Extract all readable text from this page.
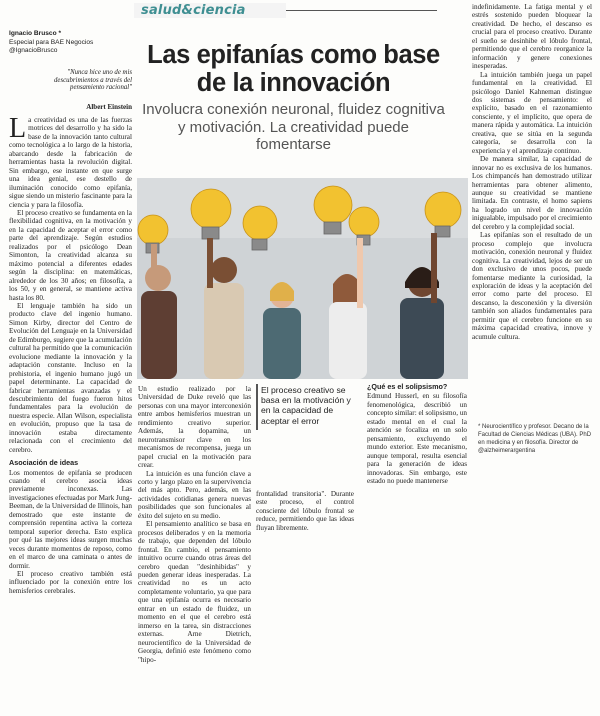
salud&ciencia
Ignacio Brusco *
Especial para BAE Negocios
@IgnacioBrusco
"Nunca hice uno de mis descubrimientos a través del pensamiento racional"
Albert Einstein
Las epifanías como base de la innovación
Involucra conexión neuronal, fluidez cognitiva y motivación. La creatividad puede fomentarse

La creatividad es una de las fuerzas motrices del desarrollo y ha sido la base de la innovación tanto cultural como tecnológica a lo largo de la historia, abarcando desde la fabricación de herramientas hasta la revolución digital. Sin embargo, ese instante en que surge una idea genial, ese destello de iluminación conocido como epifanía, sigue siendo un misterio fascinante para la ciencia y para la filosofía.

El proceso creativo se fundamenta en la flexibilidad cognitiva, en la motivación y en la capacidad de aceptar el error como parte del aprendizaje. Según estudios realizados por el psicólogo Dean Simonton, la creatividad alcanza su máximo potencial a diferentes edades según la disciplina: en matemáticas, alrededor de los 30 años; en filosofía, a los 50, y en general, se mantiene activa hasta los 80.

El lenguaje también ha sido un producto clave del ingenio humano. Simon Kirby, director del Centro de Evolución del Lenguaje en la Universidad de Edimburgo, sugiere que la acumulación cultural ha permitido que la comunicación evolucione mediante la innovación y la adaptación constante. Incluso en la prehistoria, el ingenio humano jugó un papel determinante. La capacidad de fabricar herramientas avanzadas y el descubrimiento del fuego fueron hitos fundamentales para la evolución de nuestra especie. Allan Wilson, especialista en evolución, propuso que la tasa de innovación estaba directamente relacionada con el crecimiento del cerebro.

Asociación de ideas

Los momentos de epifanía se producen cuando el cerebro asocia ideas previamente inconexas. Las investigaciones efectuadas por Mark Jung-Beeman, de la Universidad de Illinois, han demostrado que este instante de comprensión repentina activa la corteza temporal superior derecha. Esto explica por qué las mejores ideas surgen muchas veces durante momentos de reposo, como en el marco de una caminata o antes de dormir.

El proceso creativo también está influenciado por la conexión entre los hemisferios cerebrales.

Un estudio realizado por la Universidad de Duke reveló que las personas con una mayor interconexión entre ambos hemisferios muestran un rendimiento creativo superior. Además, la dopamina, un neurotransmisor clave en los mecanismos de recompensa, juega un papel crucial en la motivación para crear.

La intuición es una función clave a corto y largo plazo en la supervivencia del más apto. Pero, además, en las actividades cotidianas genera nuevas posibilidades que son funcionales al éxito del sujeto en su medio.

El pensamiento analítico se basa en procesos deliberados y en la memoria de trabajo, que dependen del lóbulo frontal. En cambio, el pensamiento intuitivo ocurre cuando otras áreas del cerebro quedan "desinhibidas" y pueden generar ideas inesperadas. La creatividad no es un acto completamente voluntario, ya que para que una epifanía ocurra es necesario entrar en un estado de fluidez, un momento en el que el cerebro está inmerso en la tarea, sin distracciones externas. Arne Dietrich, neurocientífico de la Universidad de Georgia, definió este fenómeno como "hipo-

El proceso creativo se basa en la motivación y en la capacidad de aceptar el error

frontalidad transitoria". Durante este proceso, el control consciente del lóbulo frontal se reduce, permitiendo que las ideas fluyan libremente.

¿Qué es el solipsismo?

Edmund Husserl, en su filosofía fenomenológica, describió un concepto similar: el solipsismo, un estado mental en el cual la atención se focaliza en un solo pensamiento, excluyendo el mundo exterior. Este mecanismo, aunque temporal, resulta esencial para la generación de ideas innovadoras. Sin embargo, este estado no puede mantenerse

indefinidamente. La fatiga mental y el estrés sostenido pueden bloquear la creatividad. De hecho, el descanso es crucial para el proceso creativo. Durante el sueño se desinhibe el lóbulo frontal, permitiendo que el cerebro reorganice la información y genere conexiones inesperadas.

La intuición también juega un papel fundamental en la creatividad. El psicólogo Daniel Kahneman distingue dos sistemas de pensamiento: el explícito, basado en el razonamiento consciente, y el implícito, que opera de manera rápida y automática. La intuición creativa, que se sitúa en la segunda categoría, se desarrolla con la experiencia y el aprendizaje continuo.

De manera similar, la capacidad de innovar no es exclusiva de los humanos. Los chimpancés han demostrado utilizar herramientas para obtener alimento, aunque su creatividad se mantiene limitada. En contraste, el homo sapiens ha logrado un nivel de innovación inigualable, impulsado por el crecimiento del cerebro y la complejidad social.

Las epifanías son el resultado de un proceso complejo que involucra motivación, conexión neuronal y fluidez cognitiva. La creatividad, lejos de ser un don exclusivo de unos pocos, puede fomentarse mediante la curiosidad, la exploración de ideas y la aceptación del error como parte del proceso. El descanso, la desconexión y la diversión también son aliados fundamentales para permitir que el cerebro funcione en su máxima capacidad creativa, innove y acumule cultura.

* Neurocientífico y profesor. Decano de la Facultad de Ciencias Médicas (UBA). PhD en medicina y en filosofía. Director de @alzheimerargentina
